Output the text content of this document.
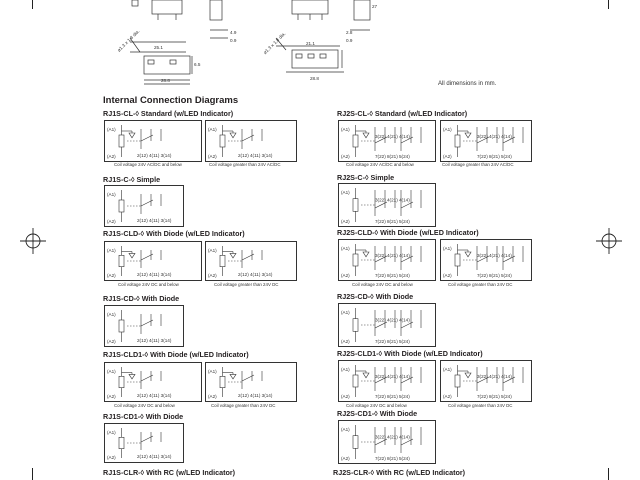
ø1.3 x 1.8 dia.	25.1
28.8
4.9
0.9
6.5
ø1.3 x 1.8 dia.	21.1
28.8
2.8
0.9
27
All dimensions in mm.
Internal Connection Diagrams
RJ1S-CL-◊ Standard (w/LED Indicator)
(A1)
(A2)	2(12) 4(11) 3(14)
(A1)
(A2)	2(12) 4(11) 3(14)
Coil voltage 24V AC/DC and below	Coil voltage greater than 24V AC/DC
RJ1S-C-◊ Simple
(A1)
(A2)	2(12) 4(11) 3(14)
RJ1S-CLD-◊ With Diode (w/LED Indicator)
(A1)
(A2)	2(12) 4(11) 3(14)
(A1)
(A2)	2(12) 4(11) 3(14)
Coil voltage 24V DC and below	Coil voltage greater than 24V DC
RJ1S-CD-◊ With Diode
(A1)
(A2)	2(12) 4(11) 3(14)
RJ1S-CLD1-◊ With Diode (w/LED Indicator)
(A1)
(A2)	2(12) 4(11) 3(14)
(A1)
(A2)	2(12) 4(11) 3(14)
Coil voltage 24V DC and below	Coil voltage greater than 24V DC
RJ1S-CD1-◊ With Diode
(A1)
(A2)	2(12) 4(11) 3(14)
RJ1S-CLR-◊ With RC (w/LED Indicator)
RJ2S-CL-◊ Standard (w/LED Indicator)
(A1)
(A2)
3(22) 4(21) 4(14)
7(22) 8(21) 5(24)
(A1)
(A2)
3(22) 4(21) 4(14)
7(22) 8(21) 5(24)
Coil voltage 24V AC/DC and below	Coil voltage greater than 24V AC/DC
RJ2S-C-◊ Simple
(A1)
(A2)
3(22) 4(21) 4(14)
7(22) 8(21) 5(24)
RJ2S-CLD-◊ With Diode (w/LED Indicator)
(A1)
(A2)
3(22) 4(21) 4(14)
7(22) 8(21) 5(24)
(A1)
(A2)
3(22) 4(21) 4(14)
7(22) 8(21) 5(24)
Coil voltage 24V DC and below	Coil voltage greater than 24V DC
RJ2S-CD-◊ With Diode
(A1)
(A2)
3(22) 4(21) 4(14)
7(22) 8(21) 5(24)
RJ2S-CLD1-◊ With Diode (w/LED Indicator)
(A1)
(A2)
3(22) 4(21) 4(14)
7(22) 8(21) 5(24)
(A1)
(A2)
3(22) 4(21) 4(14)
7(22) 8(21) 5(24)
Coil voltage 24V DC and below	Coil voltage greater than 24V DC
RJ2S-CD1-◊ With Diode
(A1)
(A2)
3(22) 4(21) 4(14)
7(22) 8(21) 5(24)
RJ2S-CLR-◊ With RC (w/LED Indicator)
